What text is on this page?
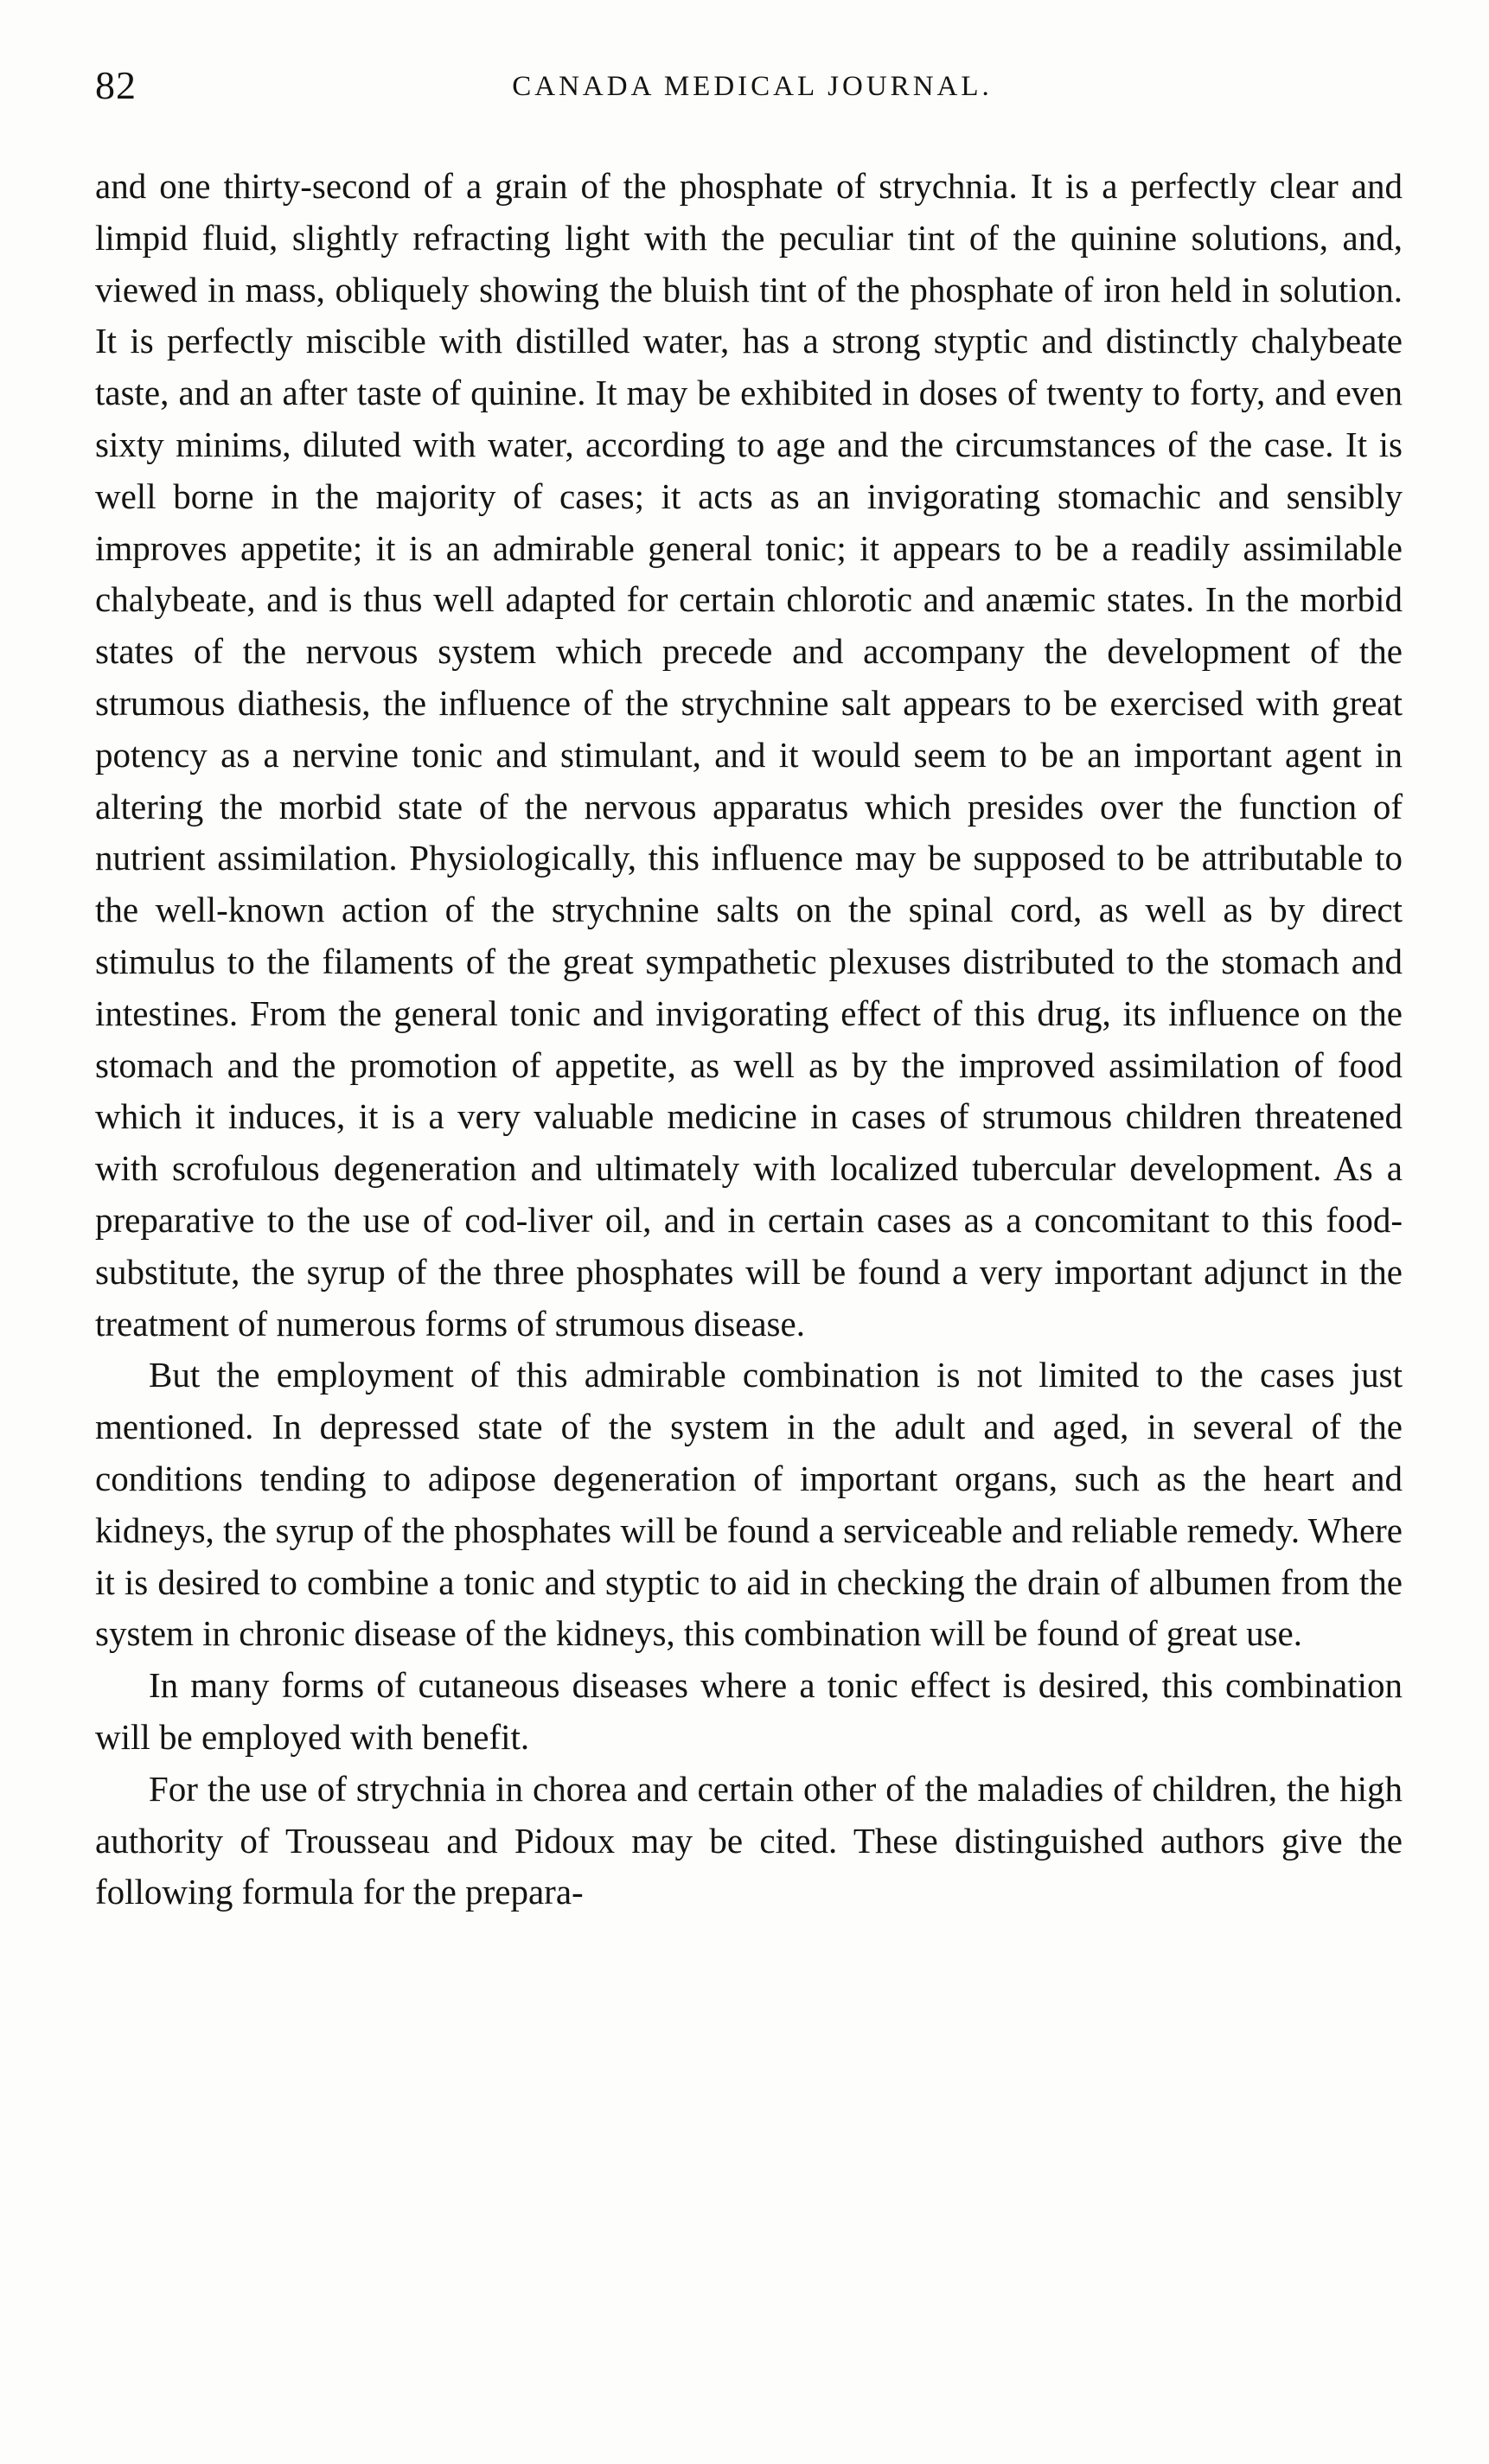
82	CANADA MEDICAL JOURNAL.

and one thirty-second of a grain of the phosphate of strychnia. It is a perfectly clear and limpid fluid, slightly refracting light with the peculiar tint of the quinine solutions, and, viewed in mass, obliquely showing the bluish tint of the phosphate of iron held in solution. It is perfectly miscible with distilled water, has a strong styptic and distinctly chalybeate taste, and an after taste of quinine. It may be exhibited in doses of twenty to forty, and even sixty minims, diluted with water, according to age and the circumstances of the case. It is well borne in the majority of cases; it acts as an invigorating stomachic and sensibly improves appetite; it is an admirable general tonic; it appears to be a readily assimilable chalybeate, and is thus well adapted for certain chlorotic and anæmic states. In the morbid states of the nervous system which precede and accompany the development of the strumous diathesis, the influence of the strychnine salt appears to be exercised with great potency as a nervine tonic and stimulant, and it would seem to be an important agent in altering the morbid state of the nervous apparatus which presides over the function of nutrient assimilation. Physiologically, this influence may be supposed to be attributable to the well-known action of the strychnine salts on the spinal cord, as well as by direct stimulus to the filaments of the great sympathetic plexuses distributed to the stomach and intestines. From the general tonic and invigorating effect of this drug, its influence on the stomach and the promotion of appetite, as well as by the improved assimilation of food which it induces, it is a very valuable medicine in cases of strumous children threatened with scrofulous degeneration and ultimately with localized tubercular development. As a preparative to the use of cod-liver oil, and in certain cases as a concomitant to this food-substitute, the syrup of the three phosphates will be found a very important adjunct in the treatment of numerous forms of strumous disease.

But the employment of this admirable combination is not limited to the cases just mentioned. In depressed state of the system in the adult and aged, in several of the conditions tending to adipose degeneration of important organs, such as the heart and kidneys, the syrup of the phosphates will be found a serviceable and reliable remedy. Where it is desired to combine a tonic and styptic to aid in checking the drain of albumen from the system in chronic disease of the kidneys, this combination will be found of great use.

In many forms of cutaneous diseases where a tonic effect is desired, this combination will be employed with benefit.

For the use of strychnia in chorea and certain other of the maladies of children, the high authority of Trousseau and Pidoux may be cited. These distinguished authors give the following formula for the prepara-
